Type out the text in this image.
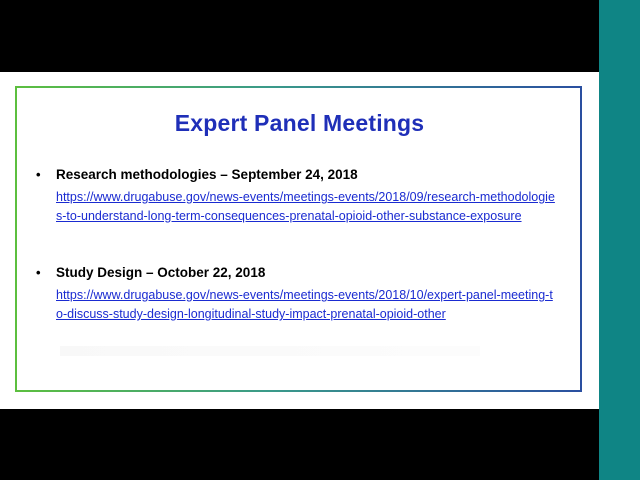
Expert Panel Meetings
•	Research methodologies – September 24, 2018
https://www.drugabuse.gov/news-events/meetings-events/2018/09/research-methodologies-to-understand-long-term-consequences-prenatal-opioid-other-substance-exposure
•	Study Design – October 22, 2018
https://www.drugabuse.gov/news-events/meetings-events/2018/10/expert-panel-meeting-to-discuss-study-design-longitudinal-study-impact-prenatal-opioid-other
